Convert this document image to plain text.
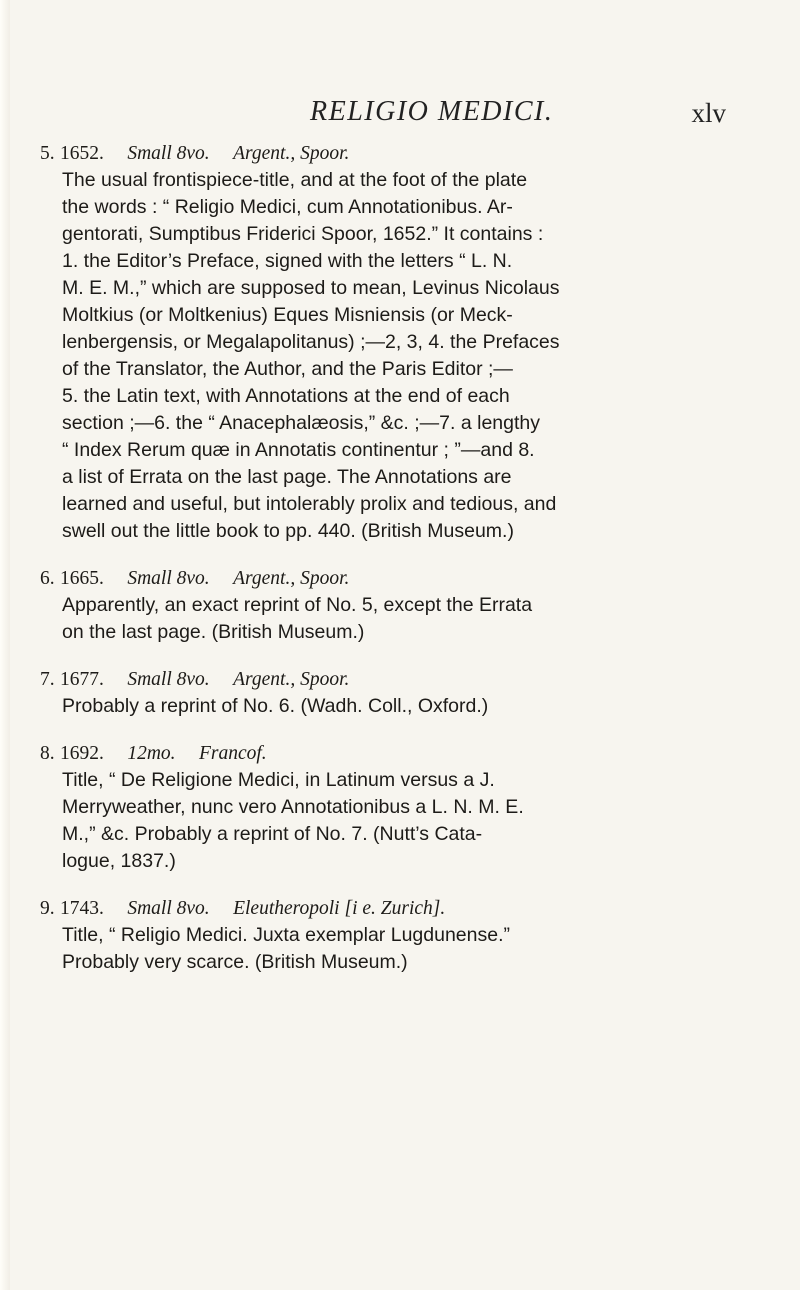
RELIGIO MEDICI.	xlv

5. 1652. Small 8vo. Argent., Spoor.

The usual frontispiece-title, and at the foot of the plate

the words : “ Religio Medici, cum Annotationibus. Ar-

gentorati, Sumptibus Friderici Spoor, 1652.” It contains :

1. the Editor’s Preface, signed with the letters “ L. N.

M. E. M.,” which are supposed to mean, Levinus Nicolaus

Moltkius (or Moltkenius) Eques Misniensis (or Meck-

lenbergensis, or Megalapolitanus) ;—2, 3, 4. the Prefaces

of the Translator, the Author, and the Paris Editor ;—

5. the Latin text, with Annotations at the end of each

section ;—6. the “ Anacephalæosis,” &c. ;—7. a lengthy

“ Index Rerum quæ in Annotatis continentur ; ”—and 8.

a list of Errata on the last page. The Annotations are

learned and useful, but intolerably prolix and tedious, and

swell out the little book to pp. 440. (British Museum.)

6. 1665. Small 8vo. Argent., Spoor.

Apparently, an exact reprint of No. 5, except the Errata

on the last page. (British Museum.)

7. 1677. Small 8vo. Argent., Spoor.

Probably a reprint of No. 6. (Wadh. Coll., Oxford.)

8. 1692. 12mo. Francof.

Title, “ De Religione Medici, in Latinum versus a J.

Merryweather, nunc vero Annotationibus a L. N. M. E.

M.,” &c. Probably a reprint of No. 7. (Nutt’s Cata-

logue, 1837.)

9. 1743. Small 8vo. Eleutheropoli [i e. Zurich].

Title, “ Religio Medici. Juxta exemplar Lugdunense.”

Probably very scarce. (British Museum.)
